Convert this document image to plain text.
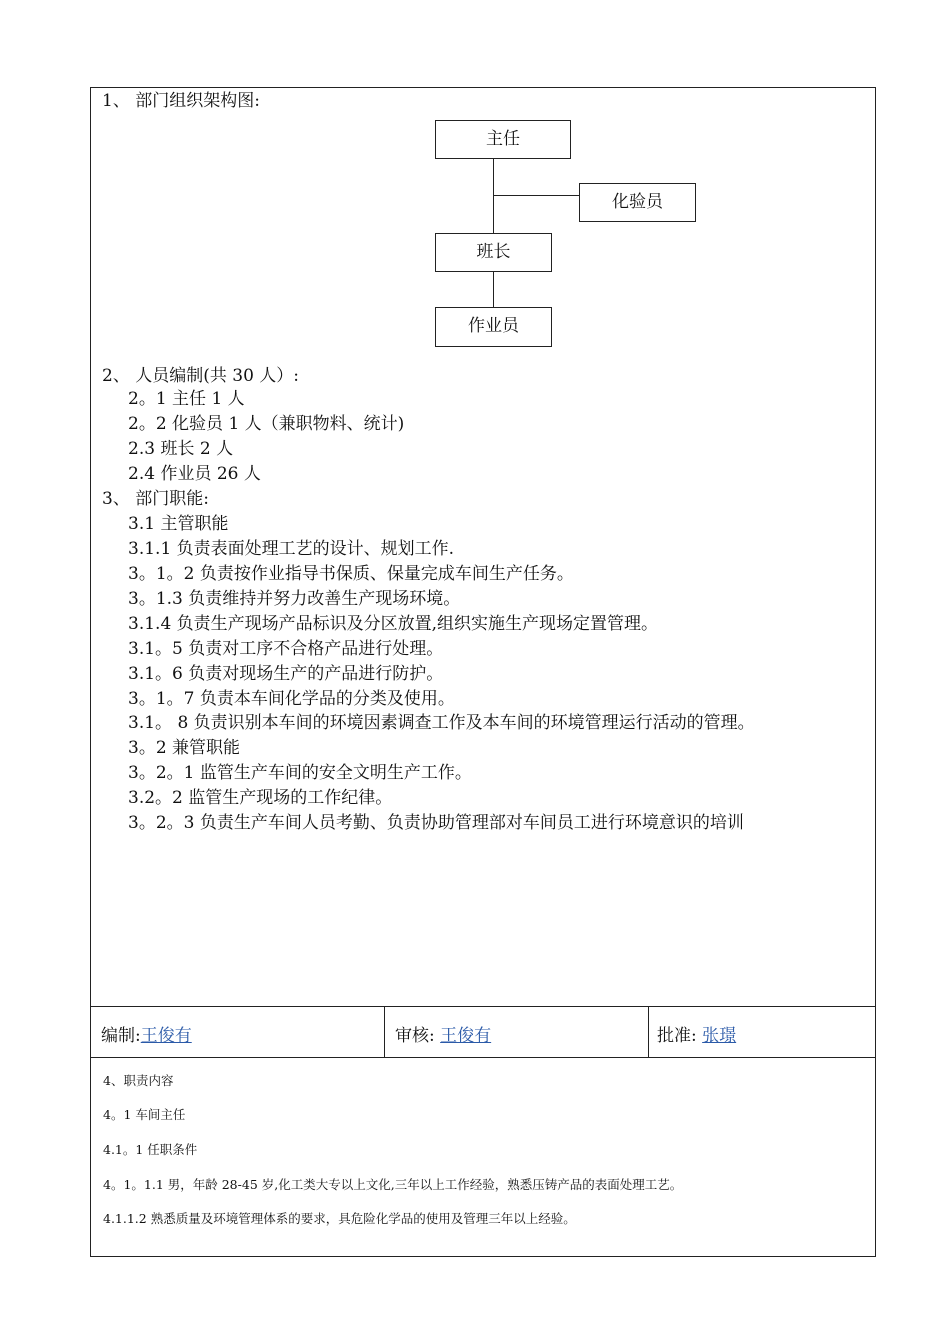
1、 部门组织架构图:
主任
化验员
班长
作业员
2、 人员编制(共 30 人）:
2。1 主任 1 人
2。2 化验员 1 人（兼职物料、统计)
2.3 班长 2 人
2.4 作业员 26 人
3、 部门职能:
3.1 主管职能
3.1.1 负责表面处理工艺的设计、规划工作.
3。1。2 负责按作业指导书保质、保量完成车间生产任务。
3。1.3 负责维持并努力改善生产现场环境。
3.1.4 负责生产现场产品标识及分区放置,组织实施生产现场定置管理。
3.1。5 负责对工序不合格产品进行处理。
3.1。6 负责对现场生产的产品进行防护。
3。1。7 负责本车间化学品的分类及使用。
3.1。 8 负责识别本车间的环境因素调查工作及本车间的环境管理运行活动的管理。
3。2 兼管职能
3。2。1 监管生产车间的安全文明生产工作。
3.2。2 监管生产现场的工作纪律。
3。2。3 负责生产车间人员考勤、负责协助管理部对车间员工进行环境意识的培训
编制:王俊有	审核: 王俊有	批准: 张璟
4、职责内容
4。1 车间主任
4.1。1 任职条件
4。1。1.1 男，年龄 28-45 岁,化工类大专以上文化,三年以上工作经验，熟悉压铸产品的表面处理工艺。
4.1.1.2 熟悉质量及环境管理体系的要求，具危险化学品的使用及管理三年以上经验。
